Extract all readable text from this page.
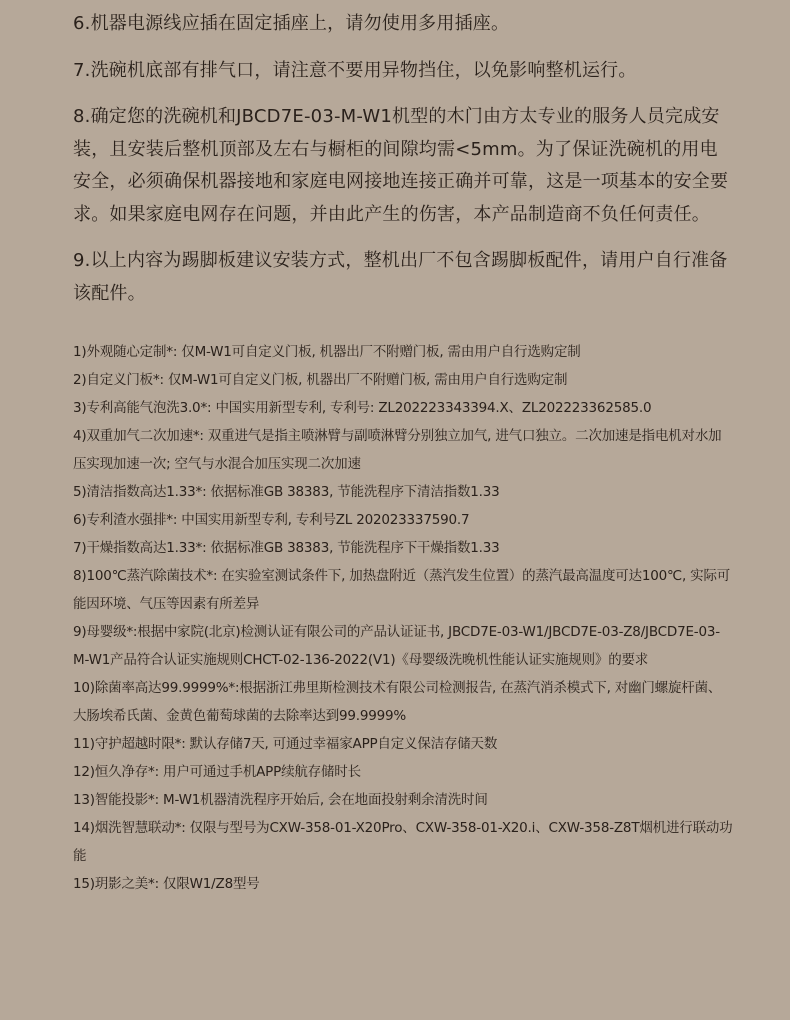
6.机器电源线应插在固定插座上，请勿使用多用插座。
7.洗碗机底部有排气口，请注意不要用异物挡住，以免影响整机运行。
8.确定您的洗碗机和JBCD7E-03-M-W1机型的木门由方太专业的服务人员完成安装，且安装后整机顶部及左右与橱柜的间隙均需<5mm。为了保证洗碗机的用电安全，必须确保机器接地和家庭电网接地连接正确并可靠，这是一项基本的安全要求。如果家庭电网存在问题，并由此产生的伤害，本产品制造商不负任何责任。
9.以上内容为踢脚板建议安装方式，整机出厂不包含踢脚板配件，请用户自行准备该配件。
1)外观随心定制*: 仅M-W1可自定义门板, 机器出厂不附赠门板, 需由用户自行选购定制
2)自定义门板*: 仅M-W1可自定义门板, 机器出厂不附赠门板, 需由用户自行选购定制
3)专利高能气泡洗3.0*: 中国实用新型专利, 专利号: ZL202223343394.X、ZL202223362585.0
4)双重加气二次加速*: 双重进气是指主喷淋臂与副喷淋臂分别独立加气, 进气口独立。二次加速是指电机对水加压实现加速一次; 空气与水混合加压实现二次加速
5)清洁指数高达1.33*: 依据标准GB 38383, 节能洗程序下清洁指数1.33
6)专利渣水强排*: 中国实用新型专利, 专利号ZL 202023337590.7
7)干燥指数高达1.33*: 依据标准GB 38383, 节能洗程序下干燥指数1.33
8)100℃蒸汽除菌技术*: 在实验室测试条件下, 加热盘附近（蒸汽发生位置）的蒸汽最高温度可达100℃, 实际可能因环境、气压等因素有所差异
9)母婴级*:根据中家院(北京)检测认证有限公司的产品认证证书, JBCD7E-03-W1/JBCD7E-03-Z8/JBCD7E-03-M-W1产品符合认证实施规则CHCT-02-136-2022(V1)《母婴级洗晚机性能认证实施规则》的要求
10)除菌率高达99.9999%*:根据浙江弗里斯检测技术有限公司检测报告, 在蒸汽消杀模式下, 对幽门螺旋杆菌、大肠埃希氏菌、金黄色葡萄球菌的去除率达到99.9999%
11)守护超越时限*: 默认存储7天, 可通过幸福家APP自定义保洁存储天数
12)恒久净存*: 用户可通过手机APP续航存储时长
13)智能投影*: M-W1机器清洗程序开始后, 会在地面投射剩余清洗时间
14)烟洗智慧联动*: 仅限与型号为CXW-358-01-X20Pro、CXW-358-01-X20.i、CXW-358-Z8T烟机进行联动功能
15)玥影之美*: 仅限W1/Z8型号
